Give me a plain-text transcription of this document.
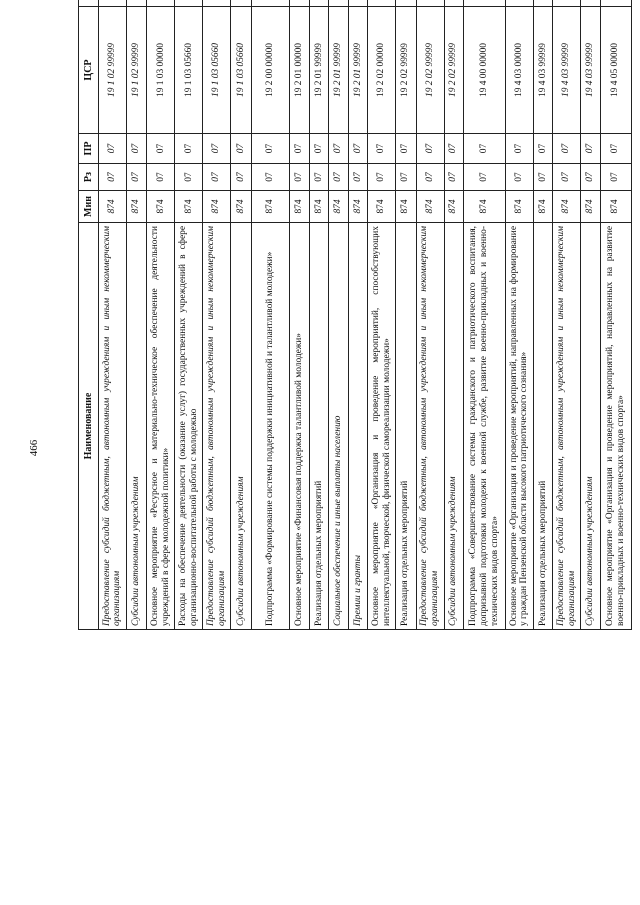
466	Наименование	Мин	Рз	ПР	ЦСР		
Предоставление субсидий бюджетным, автономным учреждениям и иным некоммерческим организациям	874	07	07	19 1 02 99999		
Субсидии автономным учреждениям	874	07	07	19 1 02 99999		
Основное мероприятие «Ресурсное и материально-техническое обеспечение деятельности учреждений в сфере молодежной политики»	874	07	07	19 1 03 00000		
Расходы на обеспечение деятельности (оказание услуг) государственных учреждений в сфере организационно-воспитательной работы с молодежью	874	07	07	19 1 03 05660		
Предоставление субсидий бюджетным, автономным учреждениям и иным некоммерческим организациям	874	07	07	19 1 03 05660		
Субсидии автономным учреждениям	874	07	07	19 1 03 05660		
Подпрограмма «Формирование системы поддержки инициативной и талантливой молодежи»	874	07	07	19 2 00 00000		
Основное мероприятие «Финансовая поддержка талантливой молодежи»	874	07	07	19 2 01 00000		
Реализация отдельных мероприятий	874	07	07	19 2 01 99999		
Социальное обеспечение и иные выплаты населению	874	07	07	19 2 01 99999		
Премии и гранты	874	07	07	19 2 01 99999		
Основное мероприятие «Организация и проведение мероприятий, способствующих интеллектуальной, творческой, физической самореализации молодежи»	874	07	07	19 2 02 00000		
Реализация отдельных мероприятий	874	07	07	19 2 02 99999		
Предоставление субсидий бюджетным, автономным учреждениям и иным некоммерческим организациям	874	07	07	19 2 02 99999		
Субсидии автономным учреждениям	874	07	07	19 2 02 99999		
Подпрограмма «Совершенствование системы гражданского и патриотического воспитания, допризывной подготовки молодежи к военной службе, развитие военно-прикладных и военно-технических видов спорта»	874	07	07	19 4 00 00000		
Основное мероприятие «Организация и проведение мероприятий, направленных на формирование у граждан Пензенской области высокого патриотического сознания»	874	07	07	19 4 03 00000		
Реализация отдельных мероприятий	874	07	07	19 4 03 99999		
Предоставление субсидий бюджетным, автономным учреждениям и иным некоммерческим организациям	874	07	07	19 4 03 99999		
Субсидии автономным учреждениям	874	07	07	19 4 03 99999		
Основное мероприятие «Организация и проведение мероприятий, направленных на развитие военно-прикладных и военно-технических видов спорта»	874	07	07	19 4 05 00000		
